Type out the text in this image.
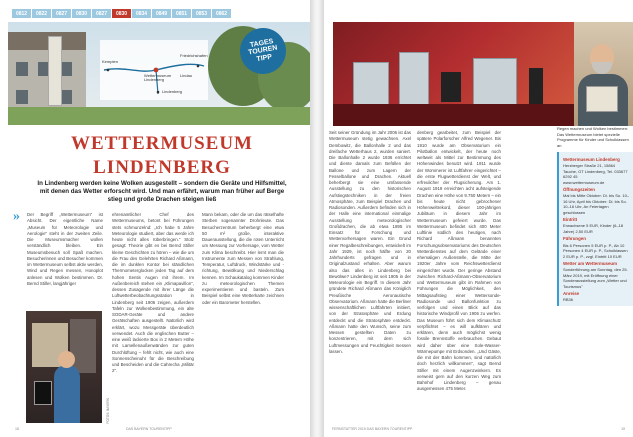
0812	0822	0827	0830	0827	0830	0834	0849	0851	0853	0862
Kempten
Wettermuseum Lindenberg
Friedrichshafen
Lindau
Lindenberg
TAGES TOUREN TIPP
WETTERMUSEUM
LINDENBERG
In Lindenberg werden keine Wolken ausgestellt – sondern die Geräte und Hilfsmittel, mit denen das Wetter erforscht wird. Und man erfährt, warum man früher auf Berge stieg und große Drachen steigen ließ
» Der Begriff „Wettermuseum" ist Absicht. Der eigentliche Name „Museum für Meteorologie und Aerologie" steht in der zweiten Zeile. Die Museumsmacher wollen verständlich bleiben. Ein Museumsbesuch soll Spaß machen. Besucherinnen und Besucher kommen im Wettermuseum selbst aktiv werden, Wind und Regen messen, Honoplot anlesen und Wolken bestimmen. Dr. Bernd Stiller, langjähriger
ehrenamtlicher Chef des Wettermuseums, betont bei Führungen stets schmunzelnd: „Ich habe 5 Jahre Meteorologie studiert, aber das werde ich heute nicht alles rüberbringen." Stolz gesagt: Theorie gibt es bei Bernd Stiller kleine Geschichten zu hören – wie die um die Frau des Gelehrten Richard Aßmann, die im dunklen Kontor bei ständlichen Thermometerglocken jeden Tag auf dem hohen Sentis Augen mit ihrem. Im Außenbereich stehen ein „Klimapavillon", dessen Zusagende mit ihrer Länge die Luftwetterbeobachtungsstation in Lindenberg seit 1906 zeigen, außerdem Tafeln zur Wolkenbestimmung, ein alte SODAR-Geräte und andere Gerätschaften ausgestellt. Natürlich wird erklärt, wozu Messgeräte überdeutlich verwendet. Auch die englischen Butter – eine weiß lackierte Box in 2 Metern Höhe mit Lamellenaußenwänden zur guten Durchlüftung – fehlt nicht, wie auch eine Sonnenscheinuhr für die Beschreibung und Bescheiden und die Cahrecha „Militär 2".
Mann bekam, oder die um das rätselhafte Sterben sogenannter Drohnleute. Das Besucherzentrum beherbergt eine etwa 50 m² große, interaktive Dauerausstellung, die die roten Unterricht um Messung zur Vorhersage, vom Wetter zum Klima beschreibt. Hier lernt man die Instrumente zum Messen von Strahlung, Temperatur, Luftdruck, Windstärke und -richtung, Bewölkung und Niederschlag kennen. Im Schaukatalog kommen Kinder zu meteorologischen Themen experimentieren und basteln. Zum Beispiel selbst eine Wetterkarte zeichnen oder ein Barometer herstellen.
FOTOS: BAYERN
18	DAS BAYERN TOURENTIPP
Seit seiner Gründung im Jahr 2006 ist das Wettermuseum stetig gewachsen. Axel Dembowitz, die Ballonhalle 2 und das dreifache Wetterhaus 2, wurden saniert. Die Ballonhalle 2 wurde 1936 errichtet und diente damals zum Befüllen der Ballone und zum Lagern der Fesselballone und Drachen. Aktuell beherbergt sie eine umfassende Ausstellung zu den historischen Aufstiegstechniken in der freien Atmosphäre, zum Beispiel Drachen und Radiosonden. Außerdem befinden sich in der Halle eine international einmalige Ausstellung meteorologischer Großdrachen, die ab etwa 1895 im Einsatz für Forschung und Wettervorhersagen waren. Ein Grund einer Regalbeschreibungen, entwickelt im Jahr 1929, ist noch hälfte von 20 Jahrhunderts gefragen und in Originalzustand erhalten. Aber warum also das alles in Lindenberg bei Bewölwe? Lindenberg ist seit 1905 in der Meteorologie ein Begriff. In diesem Jahr gründete Richard Aßmann das Königlich Preußische Aeronautische Observatorium. Aßmann hatte die Berliner wissenschaftlichen Luftfahrten initiiert, von der Stratosphäre und Erdung entdeckt und die Stratosphäre entdeckt. Aßmann hatte den Wunsch, seine zum Messen gestellten Daten zu konzentrieren, mit dem sich Luftmessungen und Feuchtigkeit messen lassen.
denberg gearbeitet, zum Beispiel der spätere Polarforscher Alfred Wegener. Bis 1910 wurde am Observatorium ein Pilotballon entwickelt, der heute noch weltweit als Mittel zur Bestimmung des Höhenwindes benutzt wird. 1911 wurde der Wommerer ist Luftfahrer eingerichtet – die erste Flugwetterdienst der Welt, und erfreulicher der Flugsicherung. Am 1. August 1919 erreichten acht aufsteigende Drachen eine Höhe von 9.750 Metern – ein bis heute nicht gebrochener Höhenweltrekord, dieser 100-jährigen Jubiläum in diesem Jahr im Wettermuseum gefeiert wurde. Das Wettermuseum befindet sich 400 Meter Luftlinie südlich des heutigen, nach Richard Aßmann benannten Forschungsobservatoriums des Deutschen Wetterdienstes auf dem Gelände einer ehemaligen Außenstelle, die Mitte der 1920er Jahre vom Reichswetterdienst eingerichtet wurde. Der geringe Abstand zwischen Richard-Aßmann-Observatorium und Wettermuseum gibt im Rahmen von Führungen die Möglichkeit, den Mittagsaufstieg einer Wettersonde-Radiosonde und Ballonfunktion zu verfolgen und einen Blick auf das historische Windprofil von 1906 zu werfen. Das Museum führt sich dem Klimaschutz verpflichtet – es will aufklären und erklären, denn auch möglichst wenig fossile Brennstoffe verbrauchen. Gebaut wird daher über eine Sole-Wasser-Wärmepumpe mit Erdsonden. „Und Gäste, die mit der Bahn kommen, sind natürlich doch herzlich willkommen", sagt Bernd Stiller mit einem Augenzwinkern. Es verweist gern auf den kurzen Weg zum Bahnhof Lindenberg – genau ausgemessen 475 Meter.
Regen machen und Wolken bestimmen: Das Wettermuseum bietet spezielle Programme für Kinder und Schulklassen an
Wettermuseum Lindenberg

Herzberger Straße 21, 15864 Tauche, OT Lindenberg, Tel. 033677 6292 45

www.wettermuseum.de

Öffnungszeiten

Mai bis Mitte Oktober: Di. bis So. 10–16 Uhr, April bis Oktober: Di. bis So. 10–16 Uhr, An Feiertagen geschlossen

Eintritt

Erwachsene 5 EUR, Kinder (6–18 Jahre) 2,50 EUR

Führungen

Bis 6 Personen 5 EUR p. P., Ab 10 Personen 4 EUR p. P., Schulklassen 2 EUR p. P., zzgl. Eintritt 10 EUR

Wetter am Wettermuseum

Sonderführung am Sonntag, den 25. März 2019, mit Eröffnung einer Sonderausstellung zum „Wetter und Tourismus"

Anreise

RB36

FERNSTATTER 2019 DAS BAYERN TOURENTIPP	19
